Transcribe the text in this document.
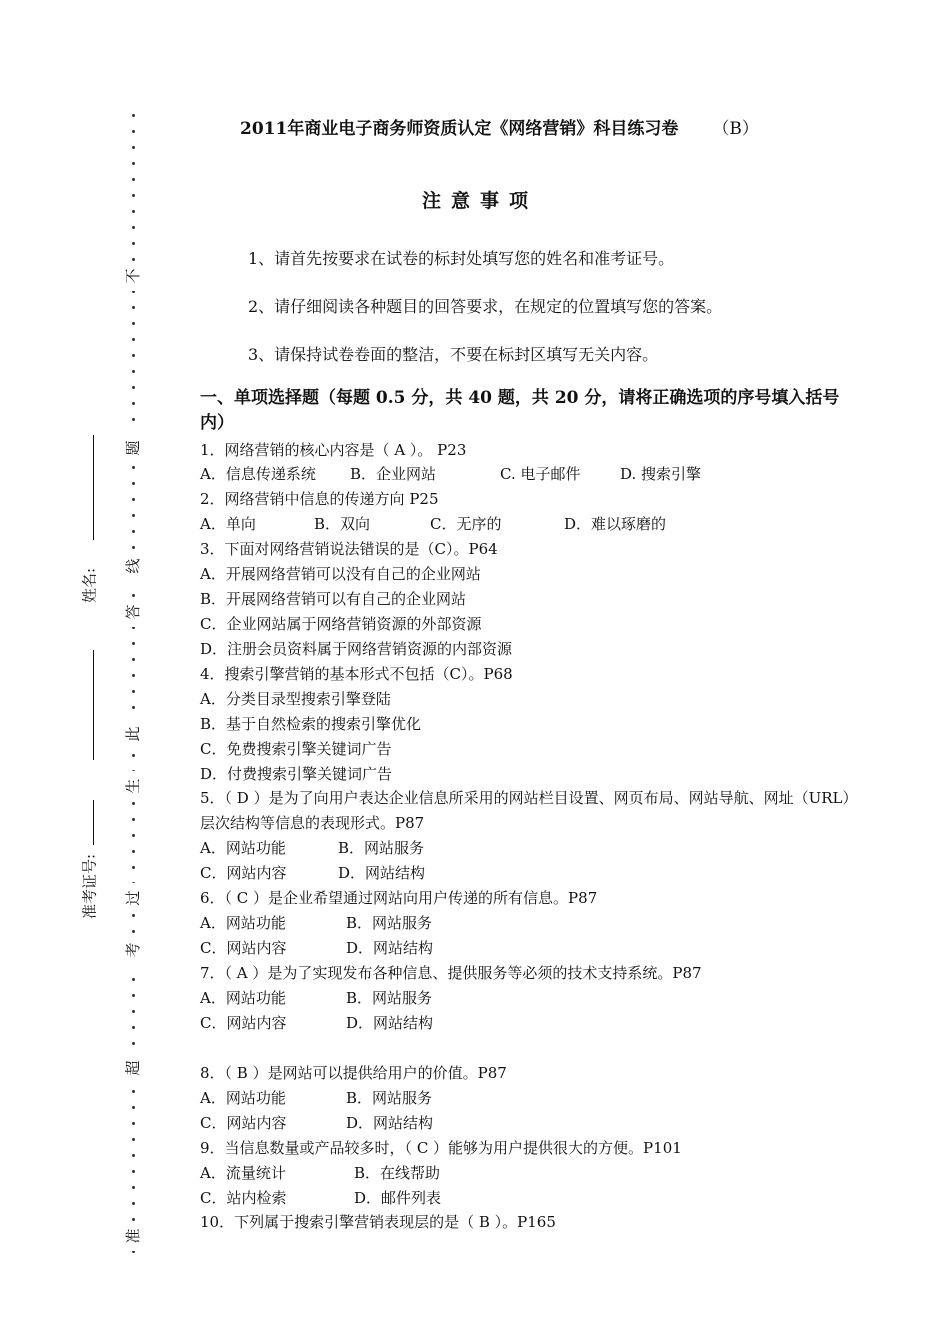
不
题
线
答
此
生
过
考
超
准
姓名:
准考证号:
2011年商业电子商务师资质认定《网络营销》科目练习卷 （B）
注意事项
1、请首先按要求在试卷的标封处填写您的姓名和准考证号。
2、请仔细阅读各种题目的回答要求，在规定的位置填写您的答案。
3、请保持试卷卷面的整洁，不要在标封区填写无关内容。
一、单项选择题（每题 0.5 分，共 40 题，共 20 分，请将正确选项的序号填入括号内）
1．网络营销的核心内容是（ A ）。 P23
A．信息传递系统 B．企业网站	C. 电子邮件	D. 搜索引擎
2．网络营销中信息的传递方向 P25
A．单向	B．双向	C．无序的	D．难以琢磨的
3．下面对网络营销说法错误的是（C）。P64
A．开展网络营销可以没有自己的企业网站
B．开展网络营销可以有自己的企业网站
C．企业网站属于网络营销资源的外部资源
D．注册会员资料属于网络营销资源的内部资源
4．搜索引擎营销的基本形式不包括（C）。P68
A．分类目录型搜索引擎登陆
B．基于自然检索的搜索引擎优化
C．免费搜索引擎关键词广告
D．付费搜索引擎关键词广告
5．（ D ）是为了向用户表达企业信息所采用的网站栏目设置、网页布局、网站导航、网址（URL）层次结构等信息的表现形式。P87
A．网站功能	B．网站服务
C．网站内容	D．网站结构
6．（ C ）是企业希望通过网站向用户传递的所有信息。P87
A．网站功能	B．网站服务
C．网站内容	D．网站结构
7．（ A ）是为了实现发布各种信息、提供服务等必须的技术支持系统。P87
A．网站功能	B．网站服务
C．网站内容	D．网站结构
8．（ B ）是网站可以提供给用户的价值。P87
A．网站功能	B．网站服务
C．网站内容	D．网站结构
9．当信息数量或产品较多时，（ C ）能够为用户提供很大的方便。P101
A．流量统计	B．在线帮助
C．站内检索	D．邮件列表
10．下列属于搜索引擎营销表现层的是（ B ）。P165
